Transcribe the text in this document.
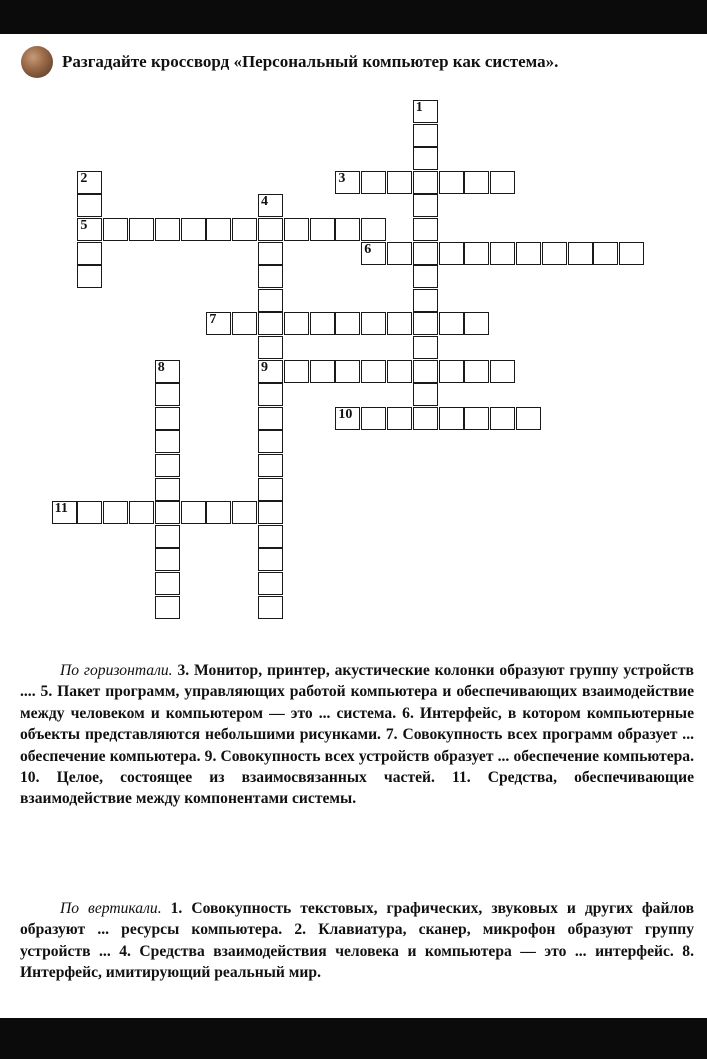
Разгадайте кроссворд «Персональный компьютер как система».
1
2
5
3
4
9
6
7
8
10
11

По горизонтали. 3. Монитор, принтер, акустические колонки образуют группу устройств .... 5. Пакет программ, управляющих работой компьютера и обеспечивающих взаимодействие между человеком и компьютером — это ... система. 6. Интерфейс, в котором компьютерные объекты представляются небольшими рисунками. 7. Совокупность всех программ образует ... обеспечение компьютера. 9. Совокупность всех устройств образует ... обеспечение компьютера. 10. Целое, состоящее из взаимосвязанных частей. 11. Средства, обеспечивающие взаимодействие между компонентами системы.

По вертикали. 1. Совокупность текстовых, графических, звуковых и других файлов образуют ... ресурсы компьютера. 2. Клавиатура, сканер, микрофон образуют группу устройств ... 4. Средства взаимодействия человека и компьютера — это ... интерфейс. 8. Интерфейс, имитирующий реальный мир.
